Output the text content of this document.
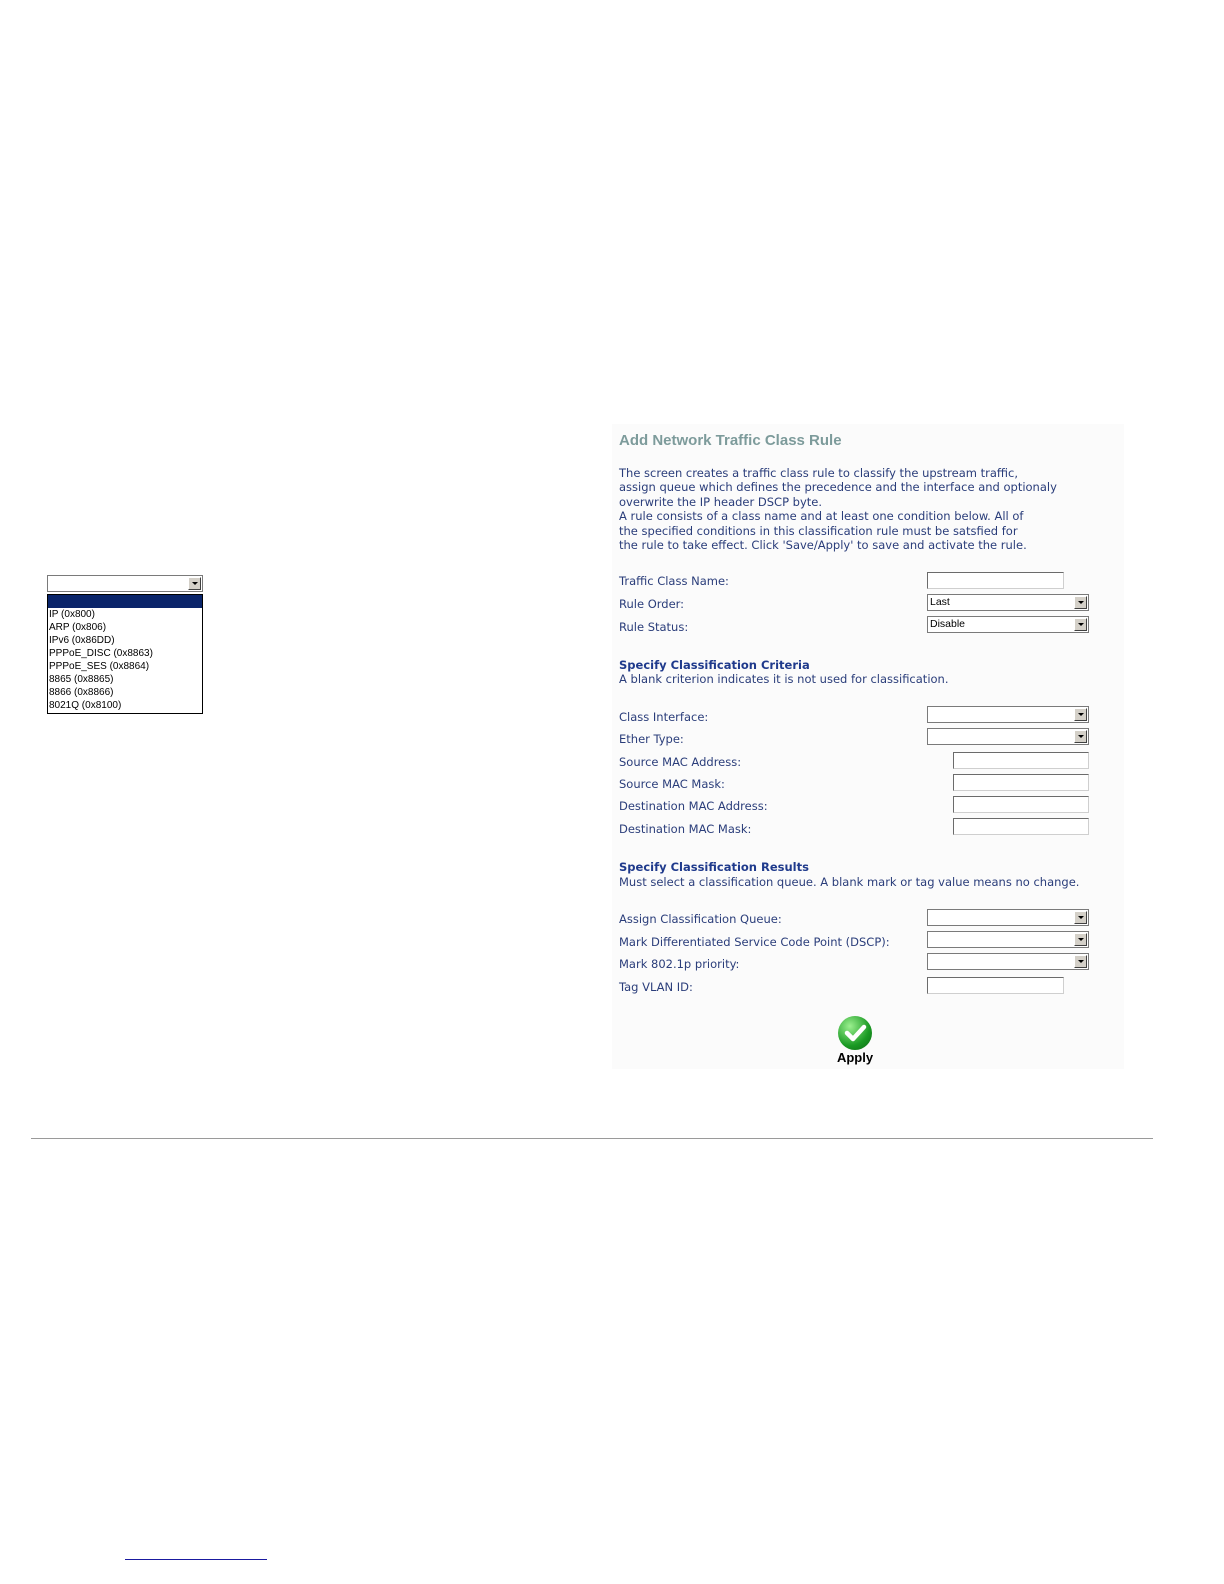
IP (0x800)
ARP (0x806)
IPv6 (0x86DD)
PPPoE_DISC (0x8863)
PPPoE_SES (0x8864)
8865 (0x8865)
8866 (0x8866)
8021Q (0x8100)
Add Network Traffic Class Rule
The screen creates a traffic class rule to classify the upstream traffic,
assign queue which defines the precedence and the interface and optionaly
overwrite the IP header DSCP byte.
A rule consists of a class name and at least one condition below. All of
the specified conditions in this classification rule must be satsfied for
the rule to take effect. Click 'Save/Apply' to save and activate the rule.
Traffic Class Name:
Rule Order:	Last
Rule Status:	Disable
Specify Classification Criteria
A blank criterion indicates it is not used for classification.
Class Interface:
Ether Type:
Source MAC Address:
Source MAC Mask:
Destination MAC Address:
Destination MAC Mask:
Specify Classification Results
Must select a classification queue. A blank mark or tag value means no change.
Assign Classification Queue:
Mark Differentiated Service Code Point (DSCP):
Mark 802.1p priority:
Tag VLAN ID:
Apply
